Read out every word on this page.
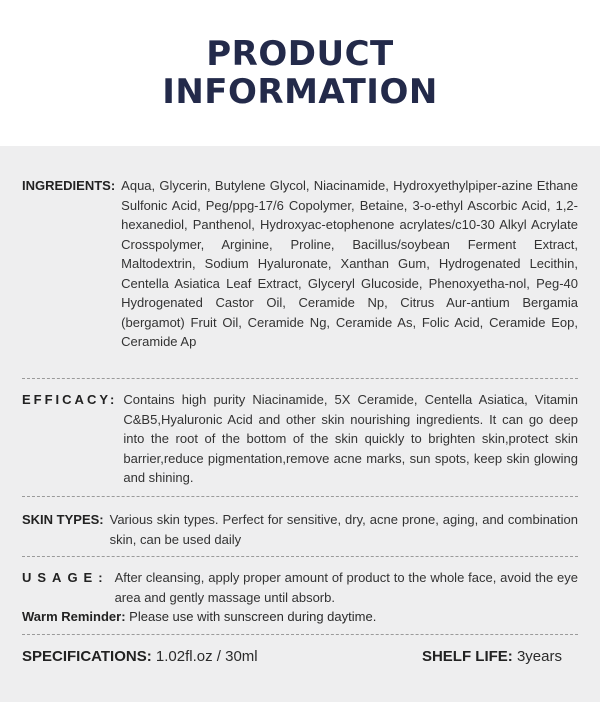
PRODUCT
INFORMATION
INGREDIENTS: Aqua, Glycerin, Butylene Glycol, Niacinamide, Hydroxyethylpiper-azine Ethane Sulfonic Acid, Peg/ppg-17/6 Copolymer, Betaine, 3-o-ethyl Ascorbic Acid, 1,2-hexanediol, Panthenol, Hydroxyac-etophenone acrylates/c10-30 Alkyl Acrylate Crosspolymer, Arginine, Proline, Bacillus/soybean Ferment Extract, Maltodextrin, Sodium Hyaluronate, Xanthan Gum, Hydrogenated Lecithin, Centella Asiatica Leaf Extract, Glyceryl Glucoside, Phenoxyetha-nol, Peg-40 Hydrogenated Castor Oil, Ceramide Np, Citrus Aur-antium Bergamia (bergamot) Fruit Oil, Ceramide Ng, Ceramide As, Folic Acid, Ceramide Eop, Ceramide Ap
EFFICACY: Contains high purity Niacinamide, 5X Ceramide, Centella Asiatica, Vitamin C&B5,Hyaluronic Acid and other skin nourishing ingredients. It can go deep into the root of the bottom of the skin quickly to brighten skin,protect skin barrier,reduce pigmentation,remove acne marks, sun spots, keep skin glowing and shining.
SKIN TYPES: Various skin types. Perfect for sensitive, dry, acne prone, aging, and combination skin, can be used daily
USAGE: After cleansing, apply proper amount of product to the whole face, avoid the eye area and gently massage until absorb.
Warm Reminder: Please use with sunscreen during daytime.
SPECIFICATIONS: 1.02fl.oz / 30ml	SHELF LIFE: 3years
